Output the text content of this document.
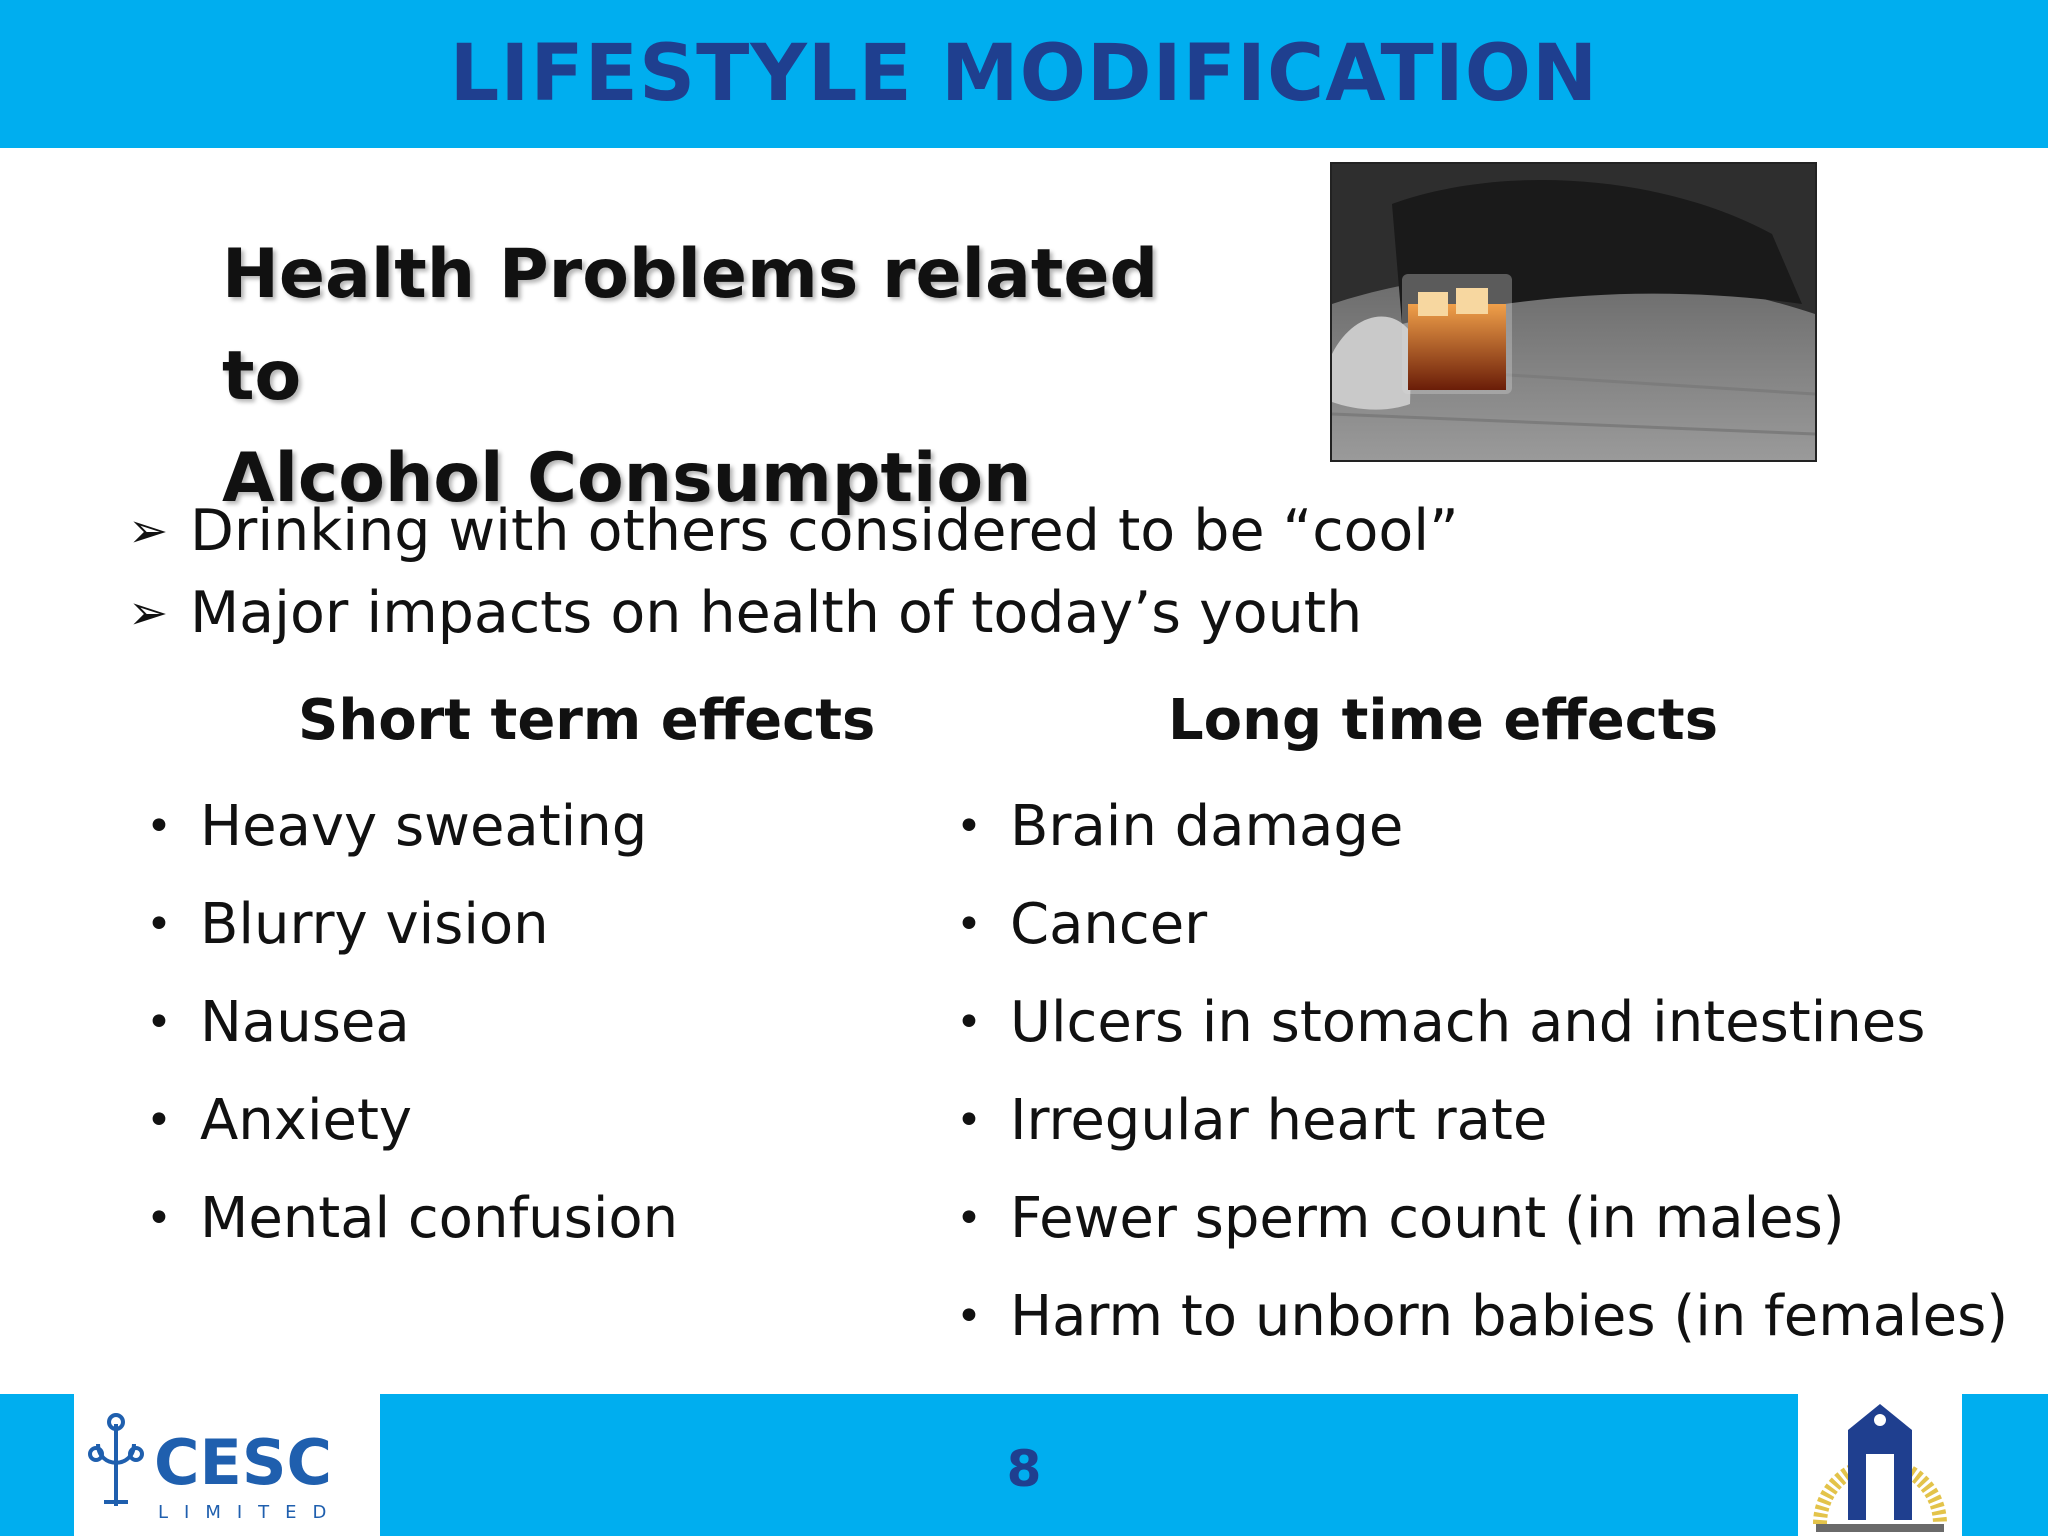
LIFESTYLE MODIFICATION
Health Problems related to
Alcohol Consumption
➢ Drinking with others considered to be “cool”
➢ Major impacts on health of today’s youth
Short term effects	Long time effects
• Heavy sweating
• Blurry vision
• Nausea
• Anxiety
• Mental confusion
• Brain damage
• Cancer
• Ulcers in stomach and intestines
• Irregular heart rate
• Fewer sperm count (in males)
• Harm to unborn babies (in females)
CESC
LIMITED
8
